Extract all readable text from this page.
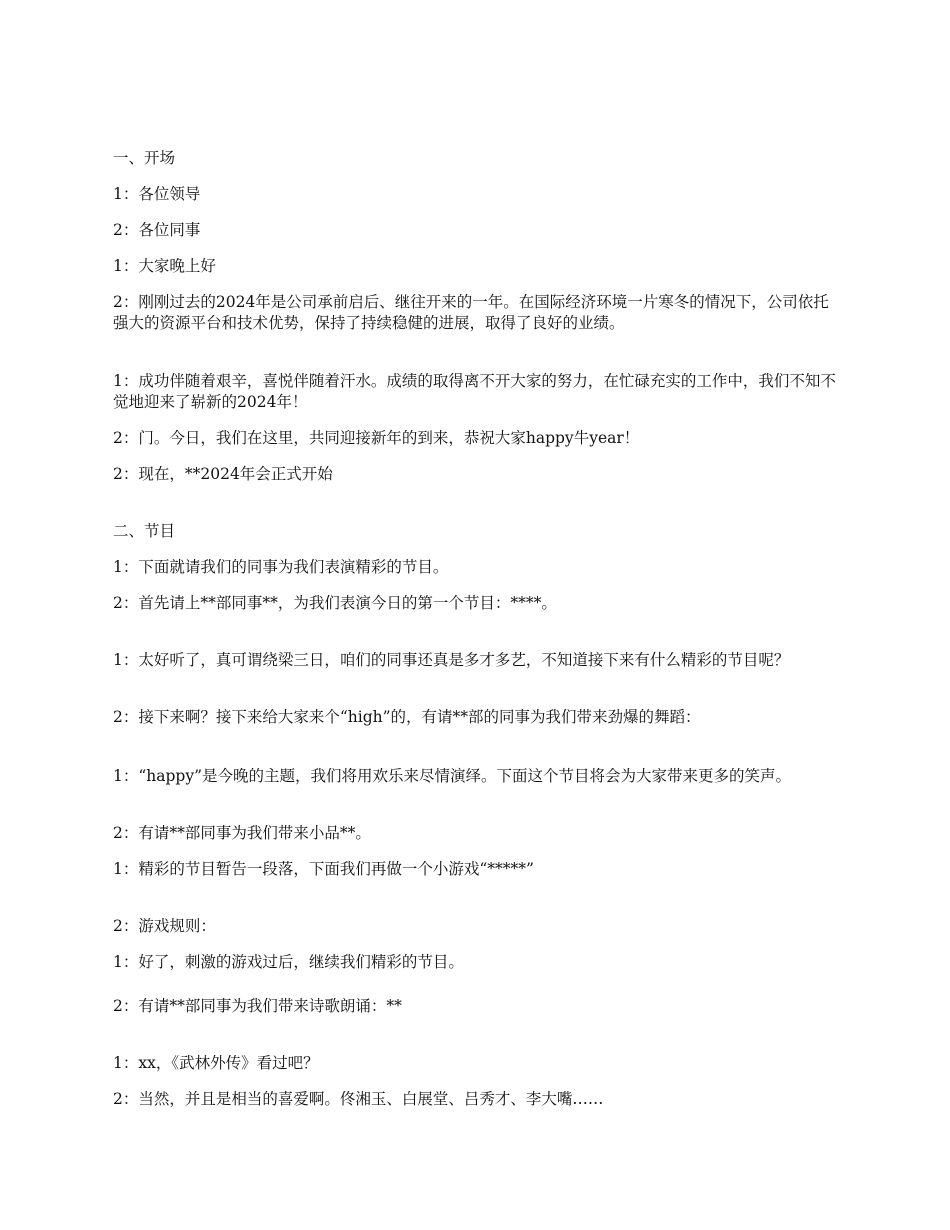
一、开场
1：各位领导
2：各位同事
1：大家晚上好
2：刚刚过去的2024年是公司承前启后、继往开来的一年。在国际经济环境一片寒冬的情况下，公司依托强大的资源平台和技术优势，保持了持续稳健的进展，取得了良好的业绩。
1：成功伴随着艰辛，喜悦伴随着汗水。成绩的取得离不开大家的努力，在忙碌充实的工作中，我们不知不觉地迎来了崭新的2024年！
2：门。今日，我们在这里，共同迎接新年的到来，恭祝大家happy牛year！
2：现在，**2024年会正式开始
二、节目
1：下面就请我们的同事为我们表演精彩的节目。
2：首先请上**部同事**，为我们表演今日的第一个节目：****。
1：太好听了，真可谓绕梁三日，咱们的同事还真是多才多艺，不知道接下来有什么精彩的节目呢？
2：接下来啊？接下来给大家来个“high”的，有请**部的同事为我们带来劲爆的舞蹈：
1：“happy”是今晚的主题，我们将用欢乐来尽情演绎。下面这个节目将会为大家带来更多的笑声。
2：有请**部同事为我们带来小品**。
1：精彩的节目暂告一段落，下面我们再做一个小游戏“*****”
2：游戏规则：
1：好了，刺激的游戏过后，继续我们精彩的节目。
2：有请**部同事为我们带来诗歌朗诵：**
1：xx，《武林外传》看过吧？
2：当然，并且是相当的喜爱啊。佟湘玉、白展堂、吕秀才、李大嘴……
